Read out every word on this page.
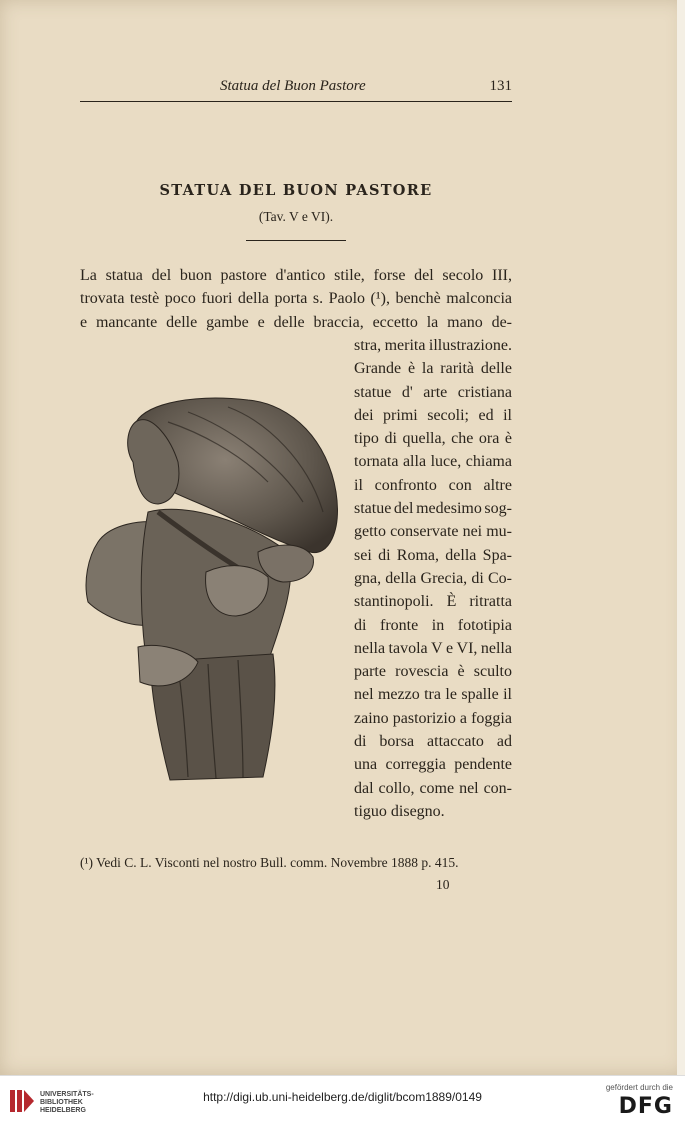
Statua del Buon Pastore	131
STATUA DEL BUON PASTORE
(Tav. V e VI).

La statua del buon pastore d'antico stile, forse del secolo III,

trovata testè poco fuori della porta s. Paolo (¹), benchè malconcia

e mancante delle gambe e delle braccia, eccetto la mano de-

stra, merita illustrazione.
Grande è la rarità delle
statue d' arte cristiana
dei primi secoli; ed il
tipo di quella, che ora è
tornata alla luce, chiama
il confronto con altre
statue del medesimo sog-
getto conservate nei mu-
sei di Roma, della Spa-
gna, della Grecia, di Co-
stantinopoli. È ritratta
di fronte in fototipia
nella tavola V e VI, nella
parte rovescia è sculto
nel mezzo tra le spalle il
zaino pastorizio a foggia
di borsa attaccato ad
una correggia pendente
dal collo, come nel con-
tiguo disegno.
(¹) Vedi C. L. Visconti nel nostro Bull. comm. Novembre 1888 p. 415.
10
UNIVERSITÄTS-
BIBLIOTHEK
HEIDELBERG
http://digi.ub.uni-heidelberg.de/diglit/bcom1889/0149
gefördert durch die
DFG
